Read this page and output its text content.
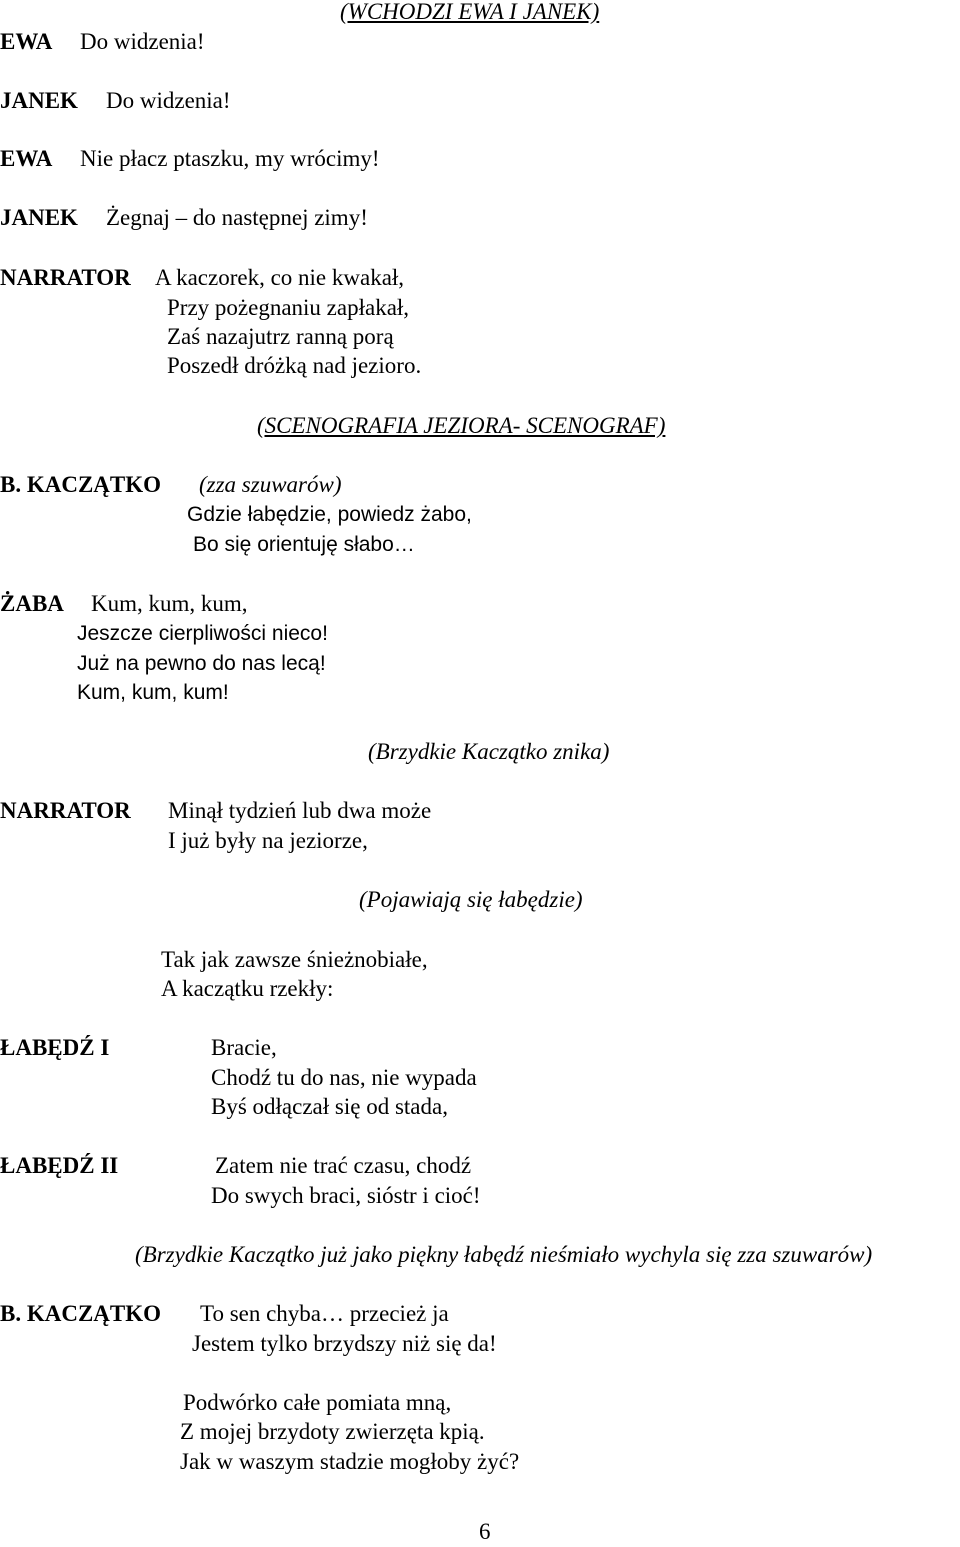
(WCHODZI EWA I JANEK)
EWA Do widzenia!
JANEK Do widzenia!
EWA Nie płacz ptaszku, my wrócimy!
JANEK Żegnaj – do następnej zimy!
NARRATOR A kaczorek, co nie kwakał,
Przy pożegnaniu zapłakał,
Zaś nazajutrz ranną porą
Poszedł dróżką nad jezioro.
(SCENOGRAFIA JEZIORA- SCENOGRAF)
B. KACZĄTKO (zza szuwarów)
Gdzie łabędzie, powiedz żabo,
Bo się orientuję słabo…
ŻABA Kum, kum, kum,
Jeszcze cierpliwości nieco!
Już na pewno do nas lecą!
Kum, kum, kum!
(Brzydkie Kaczątko znika)
NARRATOR Minął tydzień lub dwa może
I już były na jeziorze,
(Pojawiają się łabędzie)
Tak jak zawsze śnieżnobiałe,
A kaczątku rzekły:
ŁABĘDŹ I	Bracie,
Chodź tu do nas, nie wypada
Byś odłączał się od stada,
ŁABĘDŹ II	Zatem nie trać czasu, chodź
Do swych braci, sióstr i cioć!
(Brzydkie Kaczątko już jako piękny łabędź nieśmiało wychyla się zza szuwarów)
B. KACZĄTKO To sen chyba… przecież ja
Jestem tylko brzydszy niż się da!
Podwórko całe pomiata mną,
Z mojej brzydoty zwierzęta kpią.
Jak w waszym stadzie mogłoby żyć?
6
